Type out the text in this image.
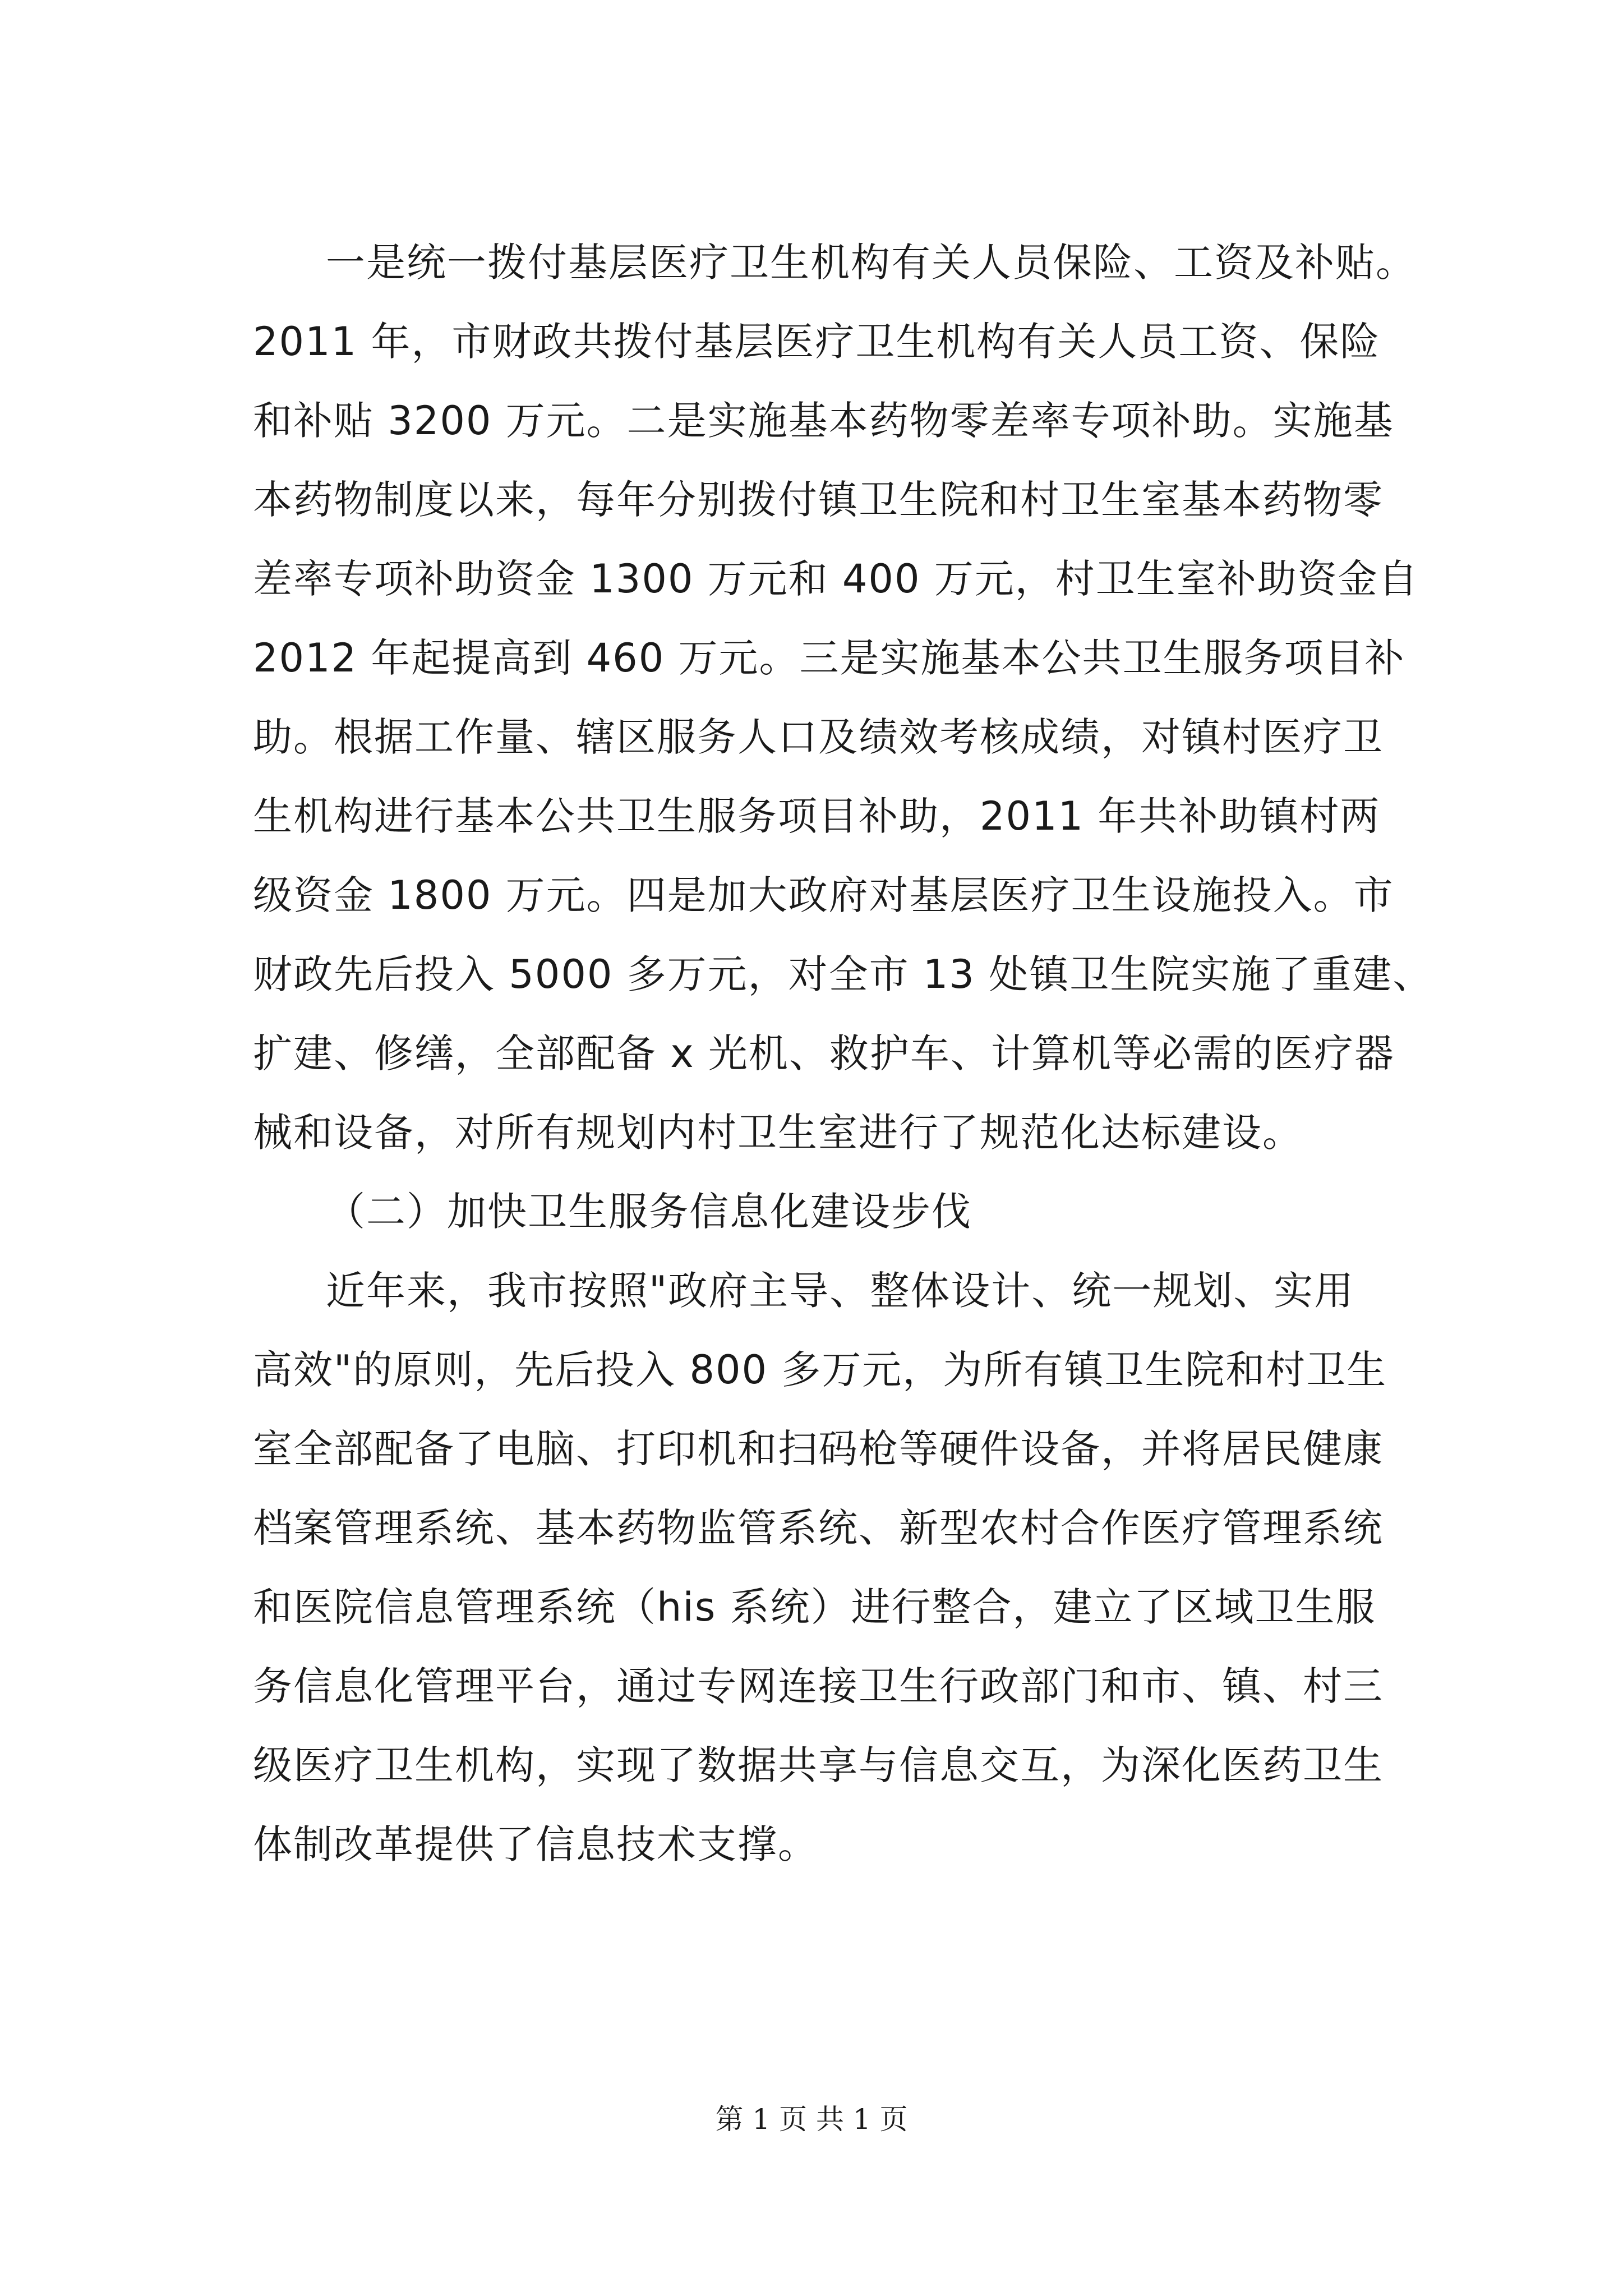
一是统一拨付基层医疗卫生机构有关人员保险、工资及补贴。
2011 年，市财政共拨付基层医疗卫生机构有关人员工资、保险
和补贴 3200 万元。二是实施基本药物零差率专项补助。实施基
本药物制度以来，每年分别拨付镇卫生院和村卫生室基本药物零
差率专项补助资金 1300 万元和 400 万元，村卫生室补助资金自
2012 年起提高到 460 万元。三是实施基本公共卫生服务项目补
助。根据工作量、辖区服务人口及绩效考核成绩，对镇村医疗卫
生机构进行基本公共卫生服务项目补助，2011 年共补助镇村两
级资金 1800 万元。四是加大政府对基层医疗卫生设施投入。市
财政先后投入 5000 多万元，对全市 13 处镇卫生院实施了重建、
扩建、修缮，全部配备 x 光机、救护车、计算机等必需的医疗器
械和设备，对所有规划内村卫生室进行了规范化达标建设。
（二）加快卫生服务信息化建设步伐
近年来，我市按照"政府主导、整体设计、统一规划、实用
高效"的原则，先后投入 800 多万元，为所有镇卫生院和村卫生
室全部配备了电脑、打印机和扫码枪等硬件设备，并将居民健康
档案管理系统、基本药物监管系统、新型农村合作医疗管理系统
和医院信息管理系统（his 系统）进行整合，建立了区域卫生服
务信息化管理平台，通过专网连接卫生行政部门和市、镇、村三
级医疗卫生机构，实现了数据共享与信息交互，为深化医药卫生
体制改革提供了信息技术支撑。
第 1 页 共 1 页
